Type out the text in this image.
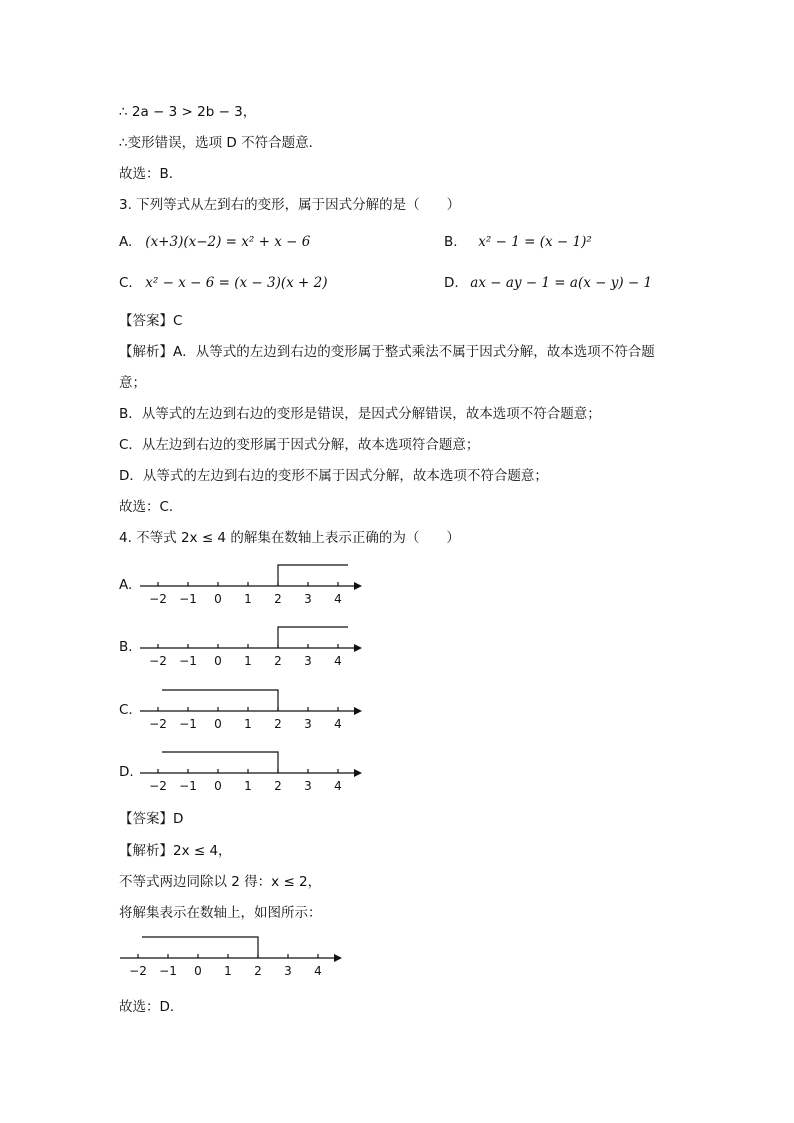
∴ 2a − 3 > 2b − 3，
∴变形错误，选项 D 不符合题意．
故选：B．
3. 下列等式从左到右的变形，属于因式分解的是（　　）
A. (x+3)(x−2) = x² + x − 6	B. x² − 1 = (x − 1)²
C. x² − x − 6 = (x − 3)(x + 2)	D. ax − ay − 1 = a(x − y) − 1
【答案】C
【解析】A．从等式的左边到右边的变形属于整式乘法不属于因式分解，故本选项不符合题
意；
B．从等式的左边到右边的变形是错误，是因式分解错误，故本选项不符合题意；
C．从左边到右边的变形属于因式分解，故本选项符合题意；
D．从等式的左边到右边的变形不属于因式分解，故本选项不符合题意；
故选：C．
4. 不等式 2x ≤ 4 的解集在数轴上表示正确的为（　　）
A.
−2 −1 0 1 2 3 4
B.
−2 −1 0 1 2 3 4
C.
−2 −1 0 1 2 3 4
D.
−2 −1 0 1 2 3 4
【答案】D
【解析】2x ≤ 4，
不等式两边同除以 2 得：x ≤ 2，
将解集表示在数轴上，如图所示：
−2 −1 0 1 2 3 4
故选：D．
